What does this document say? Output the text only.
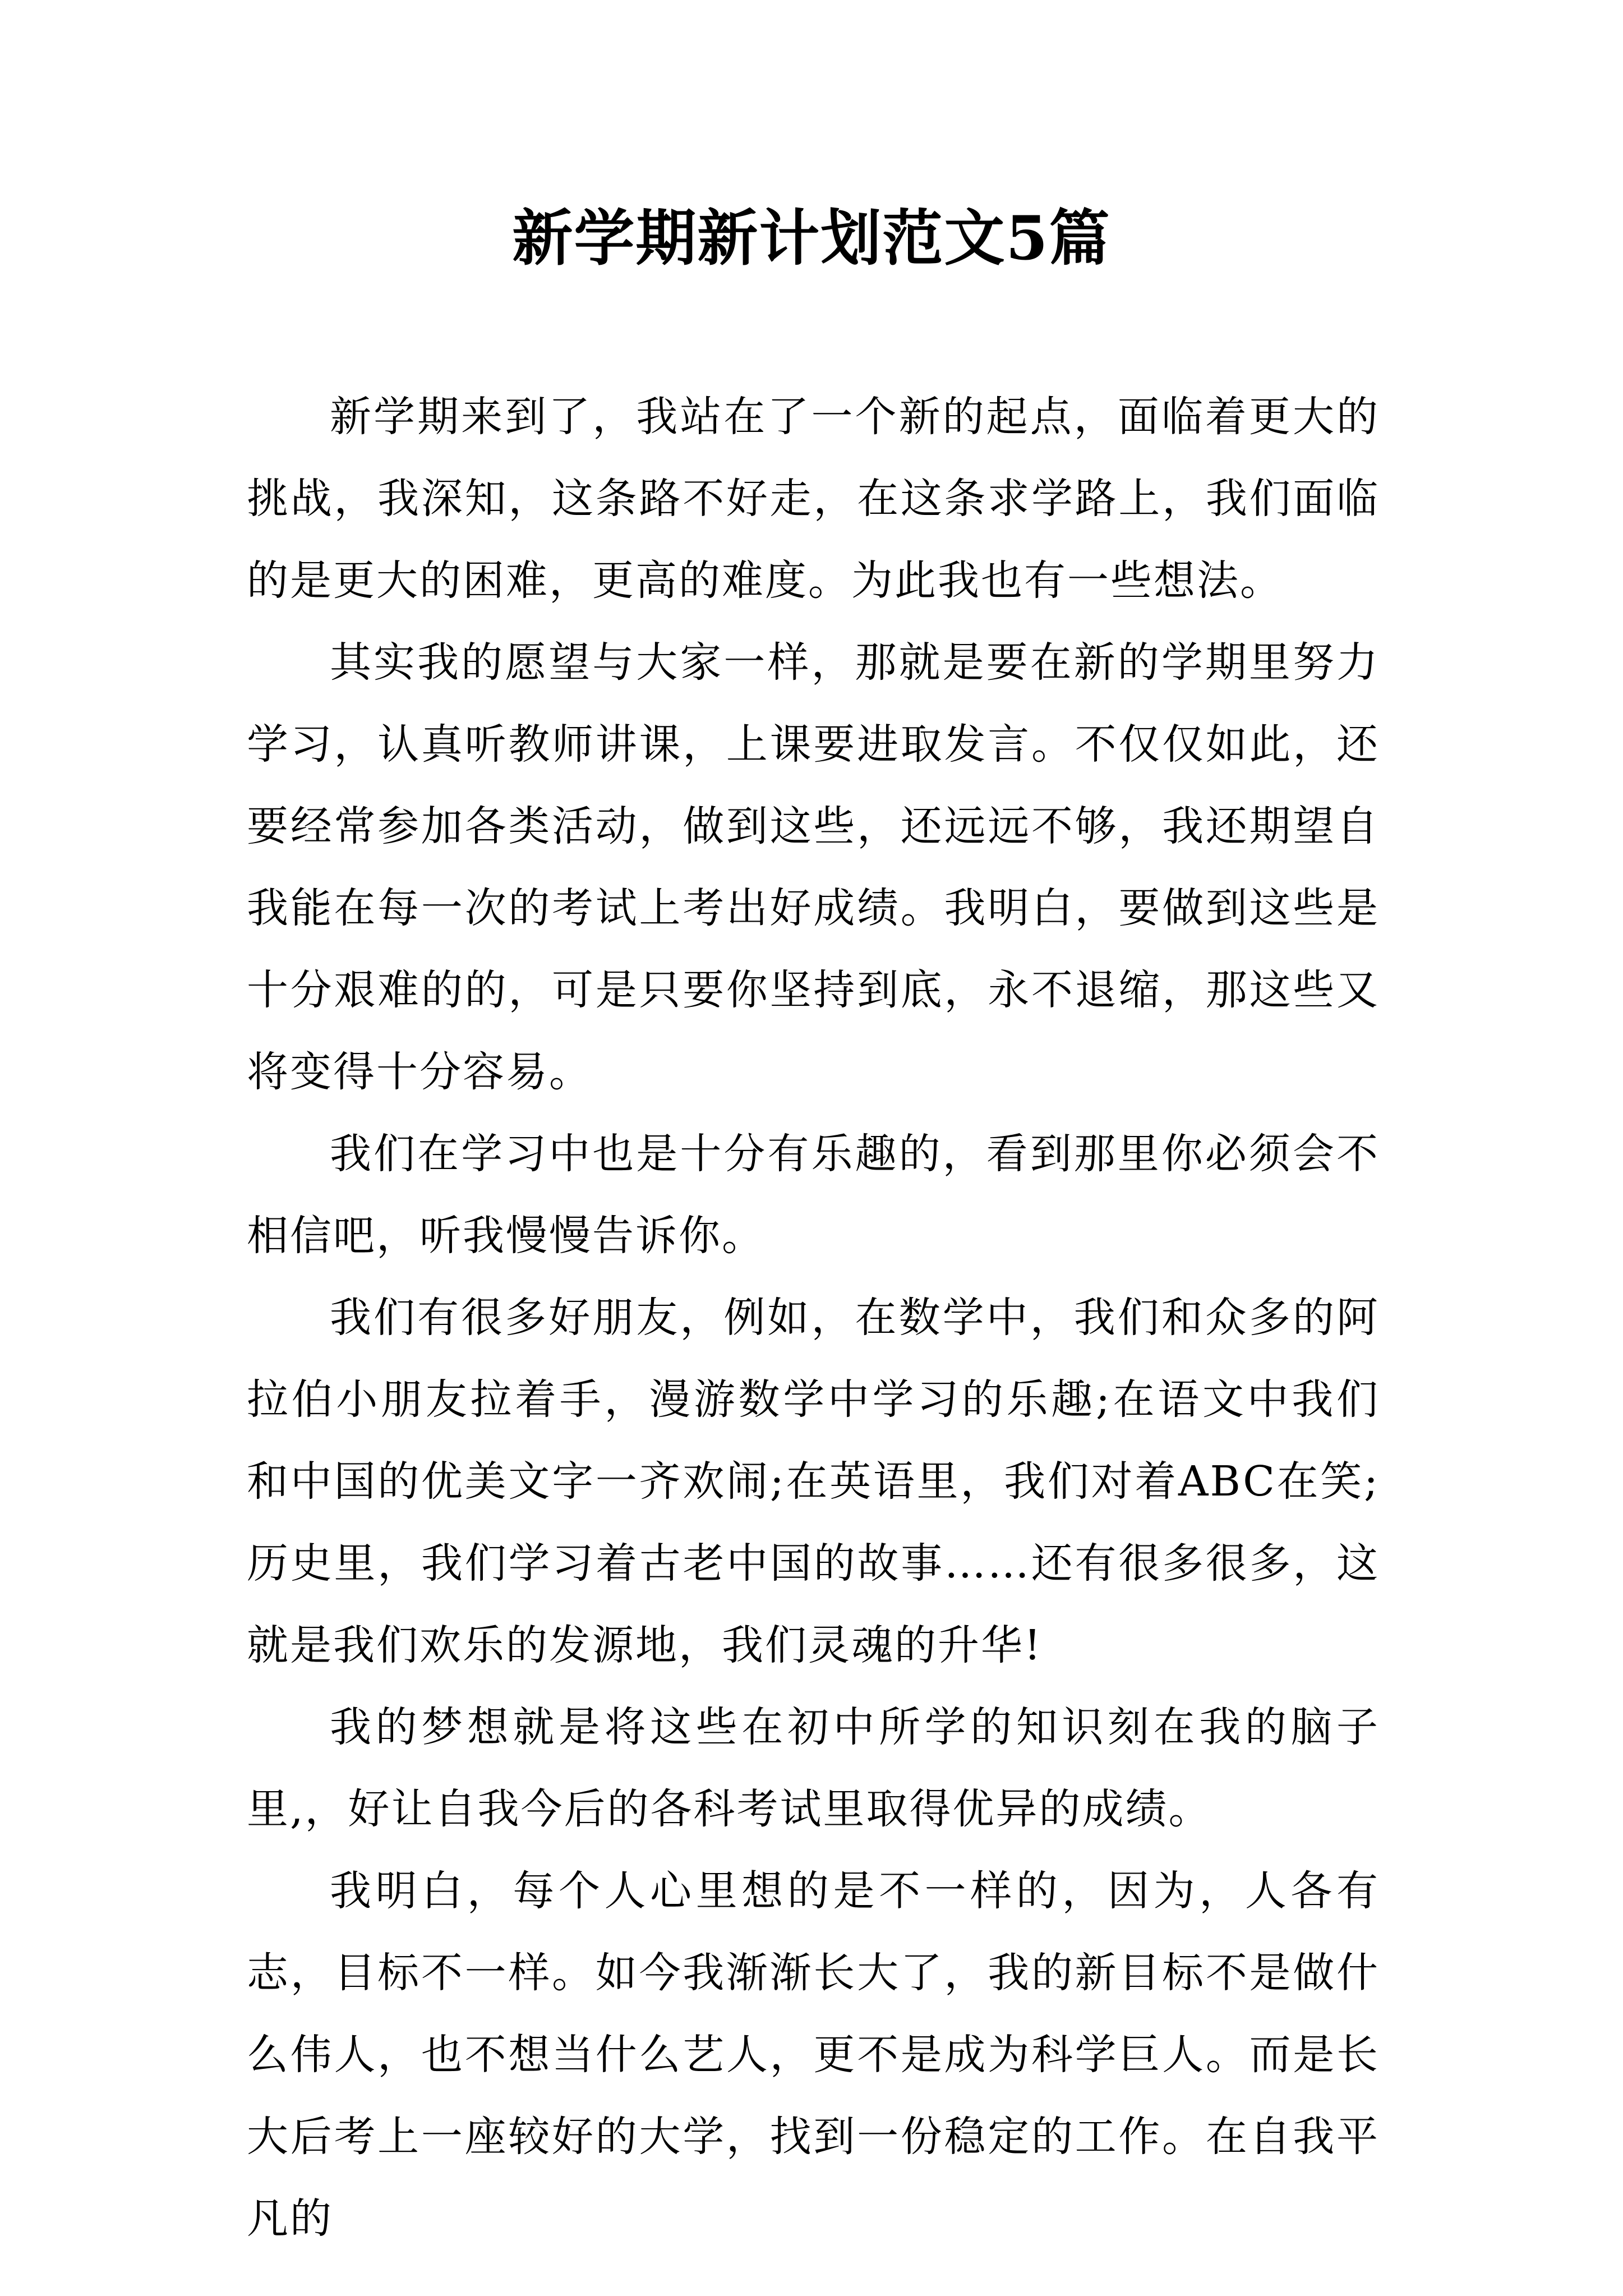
新学期新计划范文5篇

新学期来到了，我站在了一个新的起点，面临着更大的挑战，我深知，这条路不好走，在这条求学路上，我们面临的是更大的困难，更高的难度。为此我也有一些想法。

其实我的愿望与大家一样，那就是要在新的学期里努力学习，认真听教师讲课，上课要进取发言。不仅仅如此，还要经常参加各类活动，做到这些，还远远不够，我还期望自我能在每一次的考试上考出好成绩。我明白，要做到这些是十分艰难的的，可是只要你坚持到底，永不退缩，那这些又将变得十分容易。

我们在学习中也是十分有乐趣的，看到那里你必须会不相信吧，听我慢慢告诉你。

我们有很多好朋友，例如，在数学中，我们和众多的阿拉伯小朋友拉着手，漫游数学中学习的乐趣;在语文中我们和中国的优美文字一齐欢闹;在英语里，我们对着ABC在笑;历史里，我们学习着古老中国的故事……还有很多很多，这就是我们欢乐的发源地，我们灵魂的升华!

我的梦想就是将这些在初中所学的知识刻在我的脑子里,，好让自我今后的各科考试里取得优异的成绩。

我明白，每个人心里想的是不一样的，因为，人各有志，目标不一样。如今我渐渐长大了，我的新目标不是做什么伟人，也不想当什么艺人，更不是成为科学巨人。而是长大后考上一座较好的大学，找到一份稳定的工作。在自我平凡的
